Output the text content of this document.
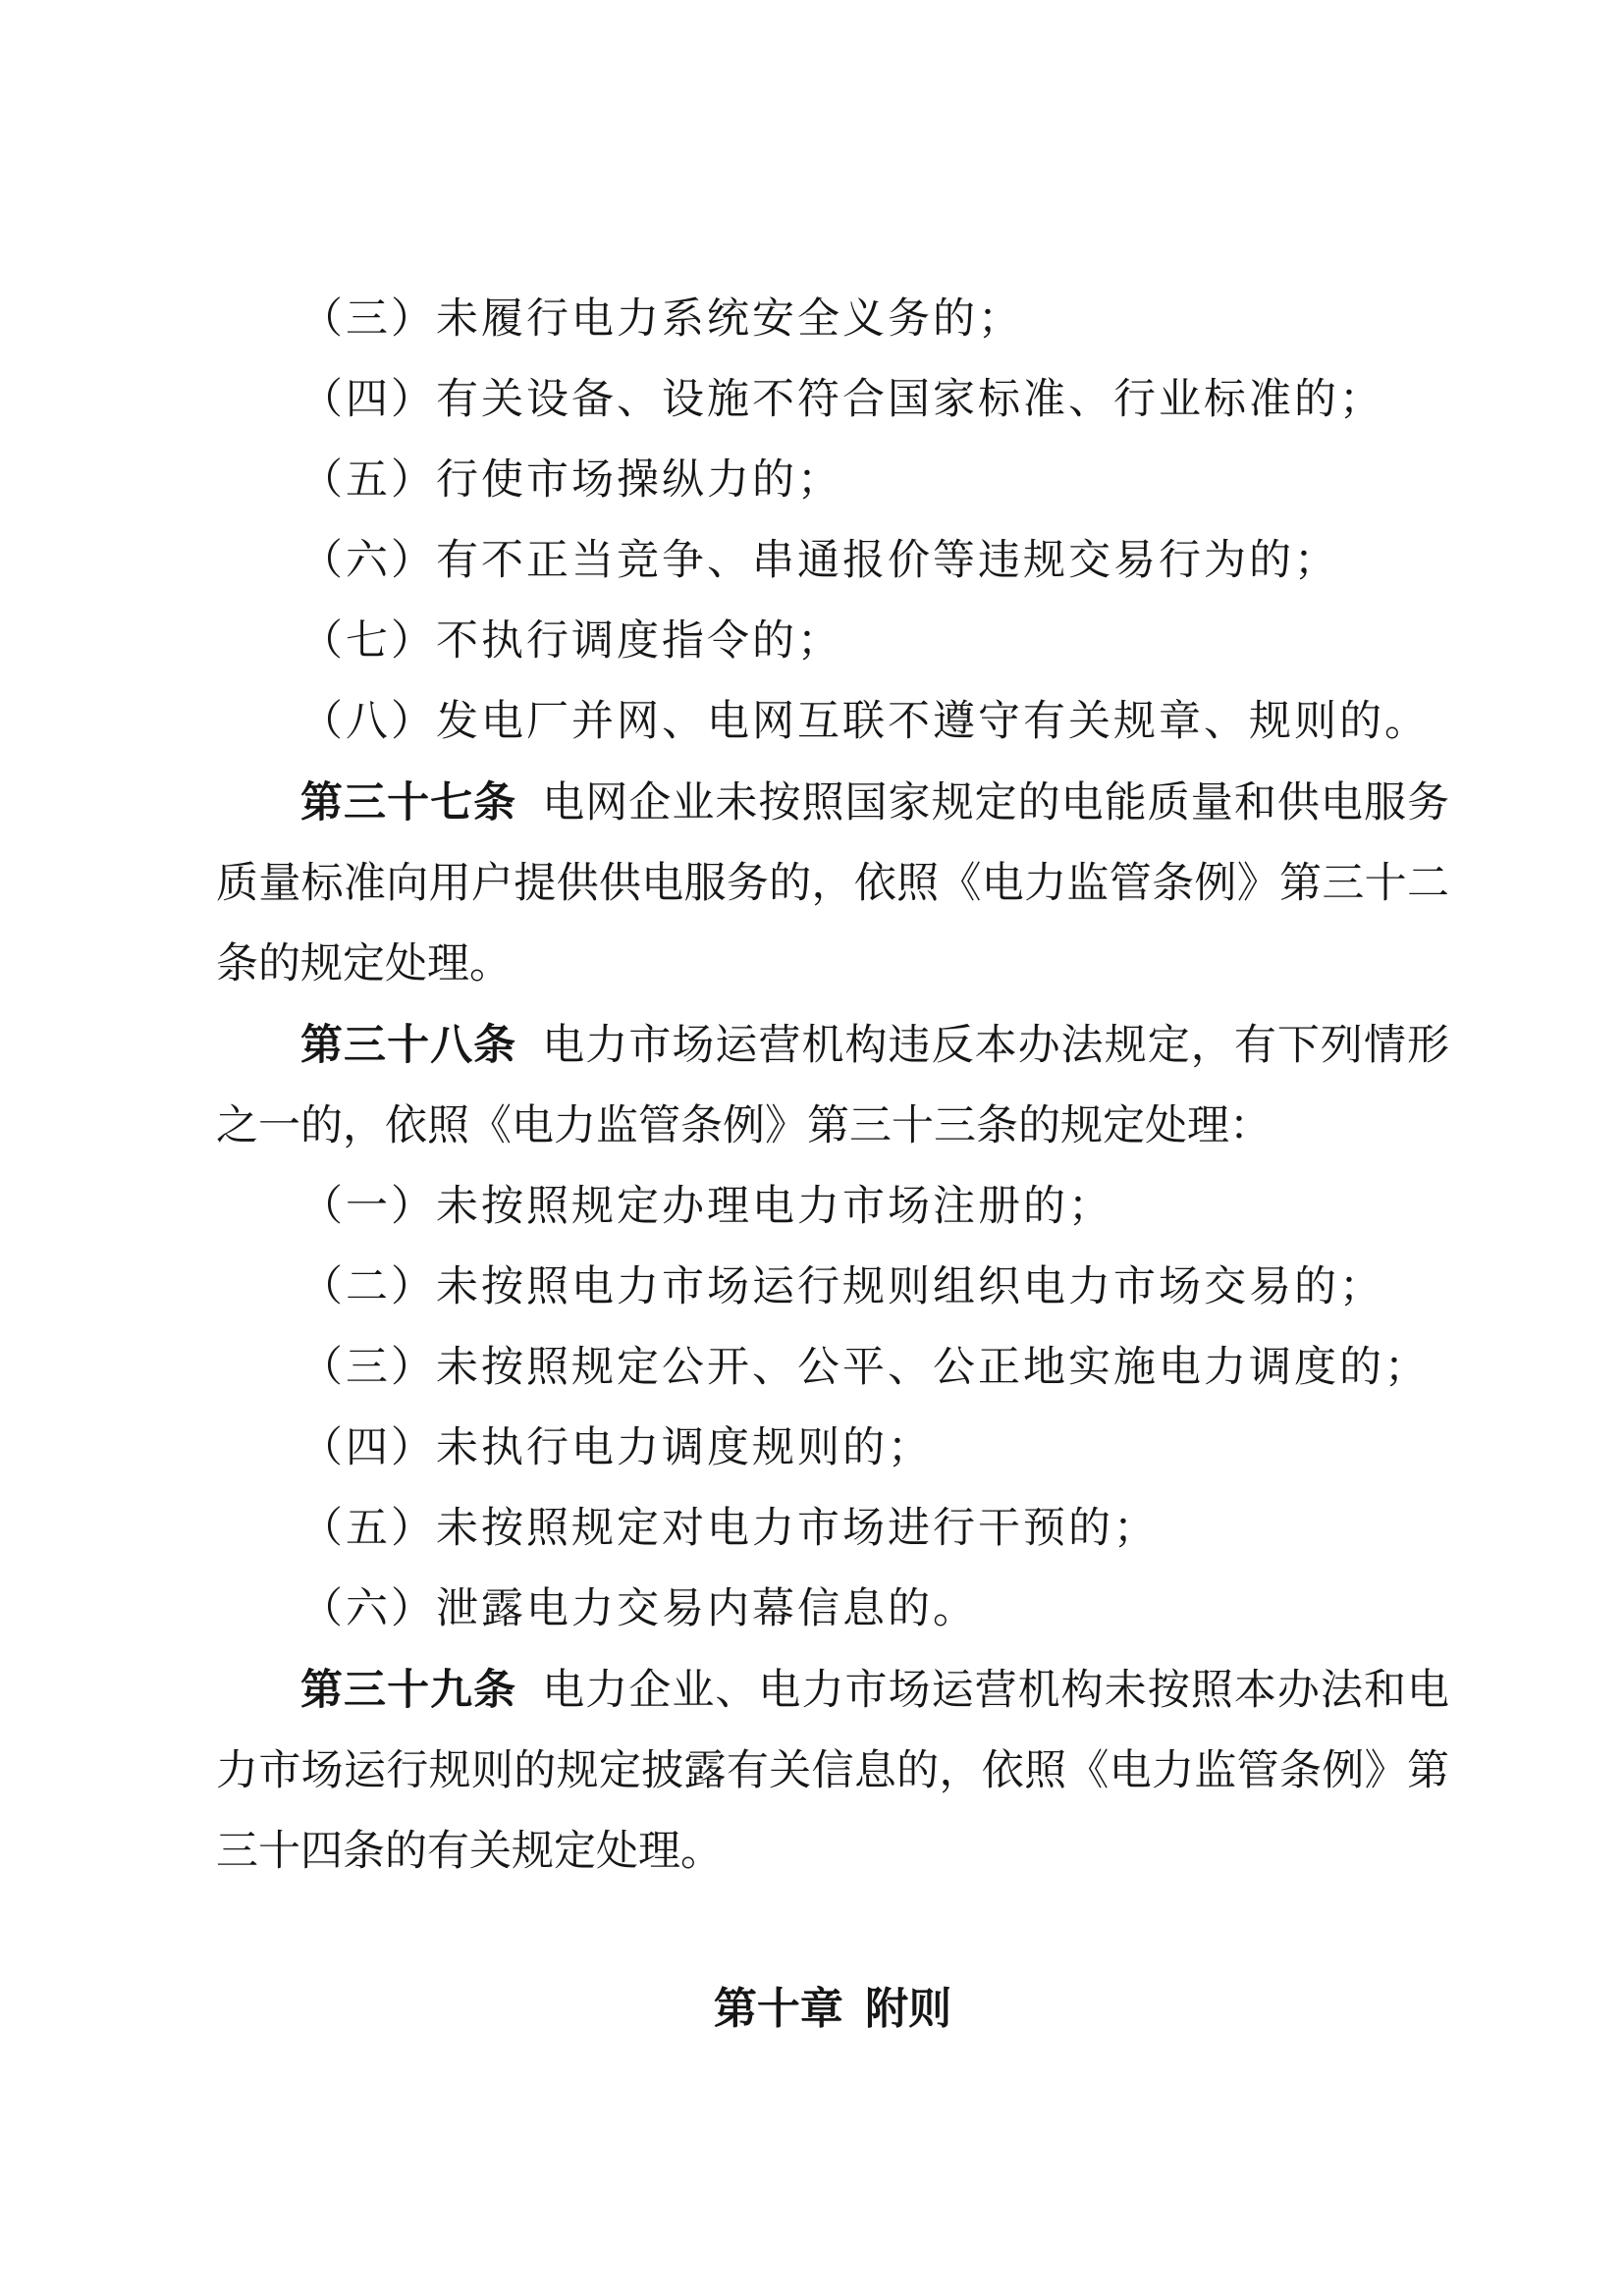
（三）未履行电力系统安全义务的；

（四）有关设备、设施不符合国家标准、行业标准的；

（五）行使市场操纵力的；

（六）有不正当竞争、串通报价等违规交易行为的；

（七）不执行调度指令的；

（八）发电厂并网、电网互联不遵守有关规章、规则的。

第三十七条 电网企业未按照国家规定的电能质量和供电服务质量标准向用户提供供电服务的，依照《电力监管条例》第三十二条的规定处理。

第三十八条 电力市场运营机构违反本办法规定，有下列情形之一的，依照《电力监管条例》第三十三条的规定处理：

（一）未按照规定办理电力市场注册的；

（二）未按照电力市场运行规则组织电力市场交易的；

（三）未按照规定公开、公平、公正地实施电力调度的；

（四）未执行电力调度规则的；

（五）未按照规定对电力市场进行干预的；

（六）泄露电力交易内幕信息的。

第三十九条 电力企业、电力市场运营机构未按照本办法和电力市场运行规则的规定披露有关信息的，依照《电力监管条例》第三十四条的有关规定处理。

第十章 附则
